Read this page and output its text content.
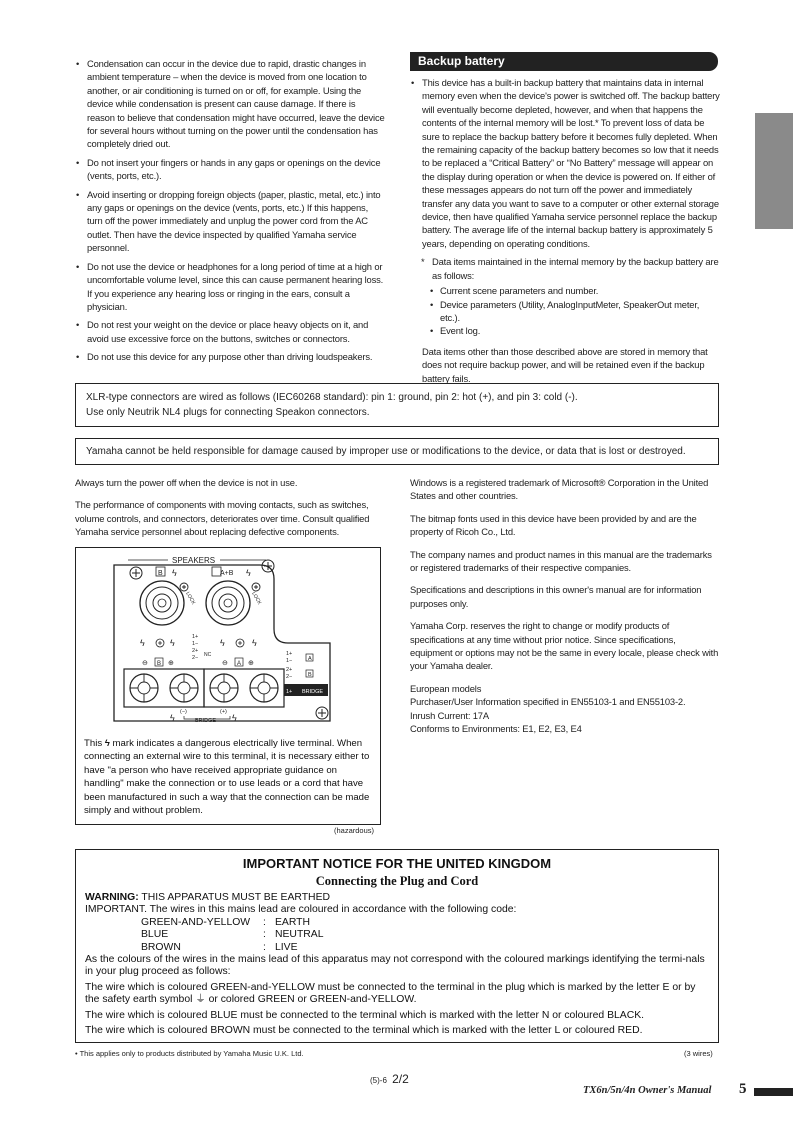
• Condensation can occur in the device due to rapid, drastic changes in ambient temperature – when the device is moved from one location to another, or air conditioning is turned on or off, for example. Using the device while condensation is present can cause damage. If there is reason to believe that condensation might have occurred, leave the device for several hours without turning on the power until the condensation has completely dried out.
• Do not insert your fingers or hands in any gaps or openings on the device (vents, ports, etc.).
• Avoid inserting or dropping foreign objects (paper, plastic, metal, etc.) into any gaps or openings on the device (vents, ports, etc.) If this happens, turn off the power immediately and unplug the power cord from the AC outlet. Then have the device inspected by qualified Yamaha service personnel.
• Do not use the device or headphones for a long period of time at a high or uncomfortable volume level, since this can cause permanent hearing loss. If you experience any hearing loss or ringing in the ears, consult a physician.
• Do not rest your weight on the device or place heavy objects on it, and avoid use excessive force on the buttons, switches or connectors.
• Do not use this device for any purpose other than driving loudspeakers.
Backup battery
• This device has a built-in backup battery that maintains data in internal memory even when the device's power is switched off. The backup battery will eventually become depleted, however, and when that happens the contents of the internal memory will be lost.* To prevent loss of data be sure to replace the backup battery before it becomes fully depleted. When the remaining capacity of the backup battery becomes so low that it needs to be replaced a “Critical Battery” or “No Battery” message will appear on the display during operation or when the device is powered on. If either of these messages appears do not turn off the power and immediately transfer any data you want to save to a computer or other external storage device, then have qualified Yamaha service personnel replace the backup battery. The average life of the internal backup battery is approximately 5 years, depending on operating conditions.
* Data items maintained in the internal memory by the backup battery are as follows:
• Current scene parameters and number.
• Device parameters (Utility, AnalogInputMeter, SpeakerOut meter, etc.).
• Event log.
Data items other than those described above are stored in memory that does not require backup power, and will be retained even if the backup battery fails.
XLR-type connectors are wired as follows (IEC60268 standard): pin 1: ground, pin 2: hot (+), and pin 3: cold (-).
Use only Neutrik NL4 plugs for connecting Speakon connectors.
Yamaha cannot be held responsible for damage caused by improper use or modifications to the device, or data that is lost or destroyed.
Always turn the power off when the device is not in use.
The performance of components with moving contacts, such as switches, volume controls, and connectors, deteriorates over time. Consult qualified Yamaha service personnel about replacing defective components.
SPEAKERS
B ϟ	A+B ϟ
LOCK	LOCK
ϟ	ϟ
1+
1−
2+
2− NC
ϟ	ϟ
⊖ B ⊕	⊖ A ⊕
1+
1−	A
2+
2−	B
1+ BRIDGE
ϟ
(−)	(+)
BRIDGE ϟ
This ϟ mark indicates a dangerous electrically live terminal. When connecting an external wire to this terminal, it is necessary either to have "a person who have received appropriate guidance on handling" make the connection or to use leads or a cord that have been manufactured in such a way that the connection can be made simply and without problem.
(hazardous)
Windows is a registered trademark of Microsoft® Corporation in the United States and other countries.
The bitmap fonts used in this device have been provided by and are the property of Ricoh Co., Ltd.
The company names and product names in this manual are the trademarks or registered trademarks of their respective companies.
Specifications and descriptions in this owner's manual are for information purposes only.
Yamaha Corp. reserves the right to change or modify products of specifications at any time without prior notice. Since specifications, equipment or options may not be the same in every locale, please check with your Yamaha dealer.
European models
Purchaser/User Information specified in EN55103-1 and EN55103-2.
Inrush Current: 17A
Conforms to Environments: E1, E2, E3, E4
IMPORTANT NOTICE FOR THE UNITED KINGDOM
Connecting the Plug and Cord
WARNING: THIS APPARATUS MUST BE EARTHED
IMPORTANT. The wires in this mains lead are coloured in accordance with the following code:
GREEN-AND-YELLOW	: EARTH
BLUE	: NEUTRAL
BROWN	: LIVE
As the colours of the wires in the mains lead of this apparatus may not correspond with the coloured markings identifying the termi-nals in your plug proceed as follows:
The wire which is coloured GREEN-and-YELLOW must be connected to the terminal in the plug which is marked by the letter E or by the safety earth symbol ⏚ or colored GREEN or GREEN-and-YELLOW.
The wire which is coloured BLUE must be connected to the terminal which is marked with the letter N or coloured BLACK.
The wire which is coloured BROWN must be connected to the terminal which is marked with the letter L or coloured RED.
• This applies only to products distributed by Yamaha Music U.K. Ltd.	(3 wires)
(5)-6 2/2
TX6n/5n/4n Owner's Manual 5
